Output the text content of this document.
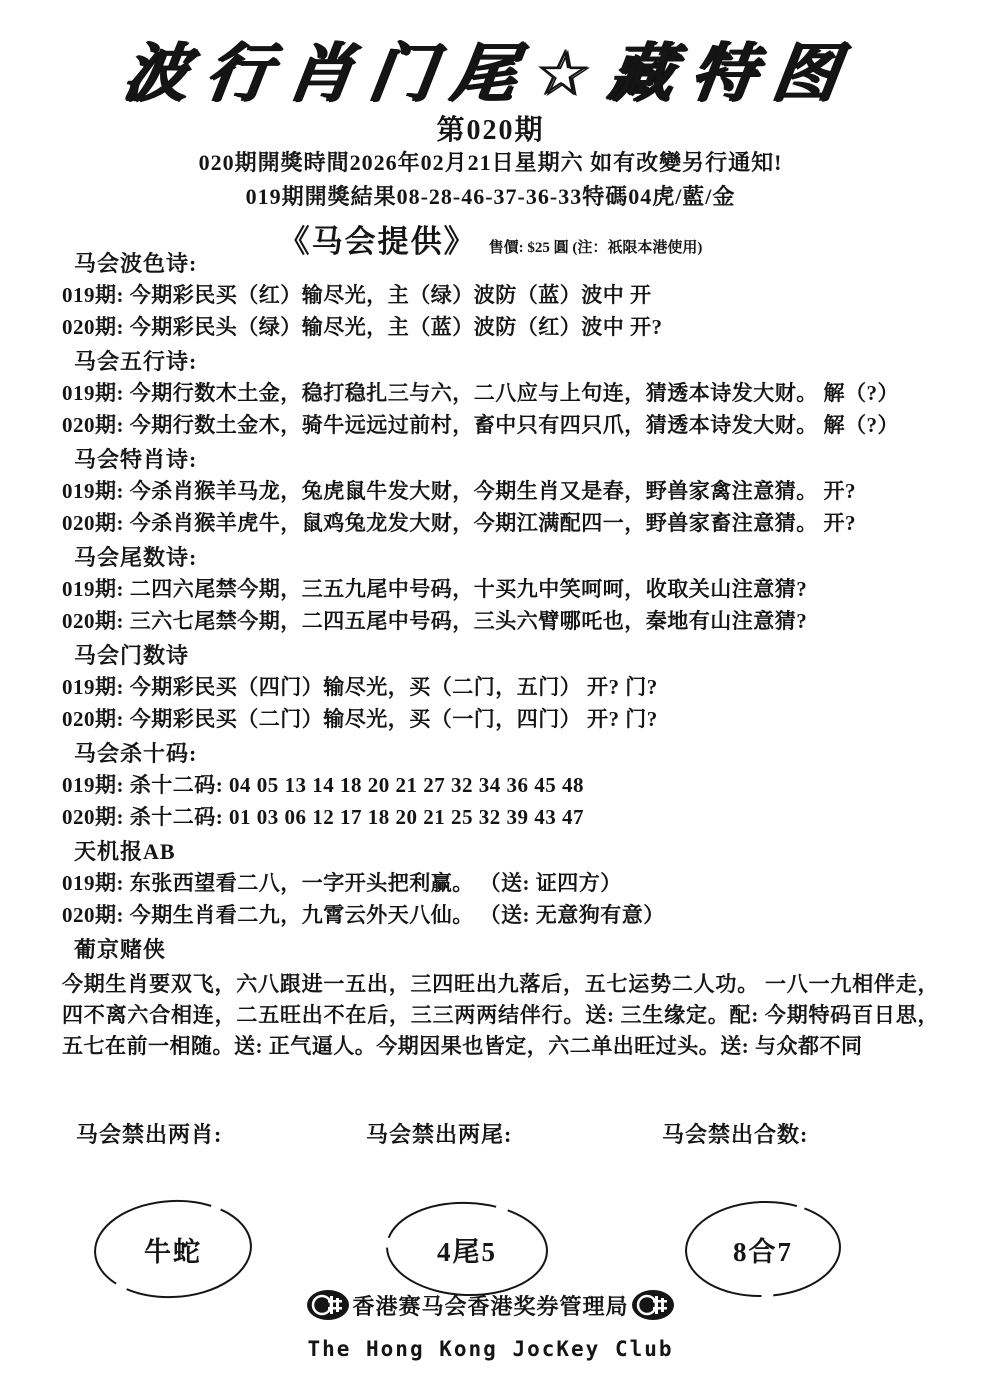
波行肖门尾☆藏特图
第020期
020期開獎時間2026年02月21日星期六 如有改變另行通知!
019期開獎結果08-28-46-37-36-33特碼04虎/藍/金
《马会提供》 售價: $25 圓 (注：祇限本港使用)

马会波色诗:

019期: 今期彩民买（红）输尽光，主（绿）波防（蓝）波中 开

020期: 今期彩民头（绿）输尽光，主（蓝）波防（红）波中 开?

马会五行诗:

019期: 今期行数木土金，稳打稳扎三与六，二八应与上句连，猜透本诗发大财。 解（?）

020期: 今期行数土金木，骑牛远远过前村，畜中只有四只爪，猜透本诗发大财。 解（?）

马会特肖诗:

019期: 今杀肖猴羊马龙，兔虎鼠牛发大财，今期生肖又是春，野兽家禽注意猜。 开?

020期: 今杀肖猴羊虎牛，鼠鸡兔龙发大财，今期江满配四一，野兽家畜注意猜。 开?

马会尾数诗:

019期: 二四六尾禁今期，三五九尾中号码，十买九中笑呵呵，收取关山注意猜?

020期: 三六七尾禁今期，二四五尾中号码，三头六臂哪吒也，秦地有山注意猜?

马会门数诗

019期: 今期彩民买（四门）输尽光，买（二门，五门） 开? 门?

020期: 今期彩民买（二门）输尽光，买（一门，四门） 开? 门?

马会杀十码:

019期: 杀十二码: 04 05 13 14 18 20 21 27 32 34 36 45 48

020期: 杀十二码: 01 03 06 12 17 18 20 21 25 32 39 43 47

天机报AB

019期: 东张西望看二八，一字开头把利赢。 （送: 证四方）

020期: 今期生肖看二九，九霄云外天八仙。 （送: 无意狗有意）

葡京赌侠

今期生肖要双飞，六八跟进一五出，三四旺出九落后，五七运势二人功。 一八一九相伴走，四不离六合相连，二五旺出不在后，三三两两结伴行。送: 三生缘定。配: 今期特码百日思，五七在前一相随。送: 正气逼人。今期因果也皆定，六二单出旺过头。送: 与众都不同

马会禁出两肖:

牛蛇

马会禁出两尾:

4尾5

马会禁出合数:

8合7
香港赛马会香港奖券管理局
The Hong Kong JocKey Club
